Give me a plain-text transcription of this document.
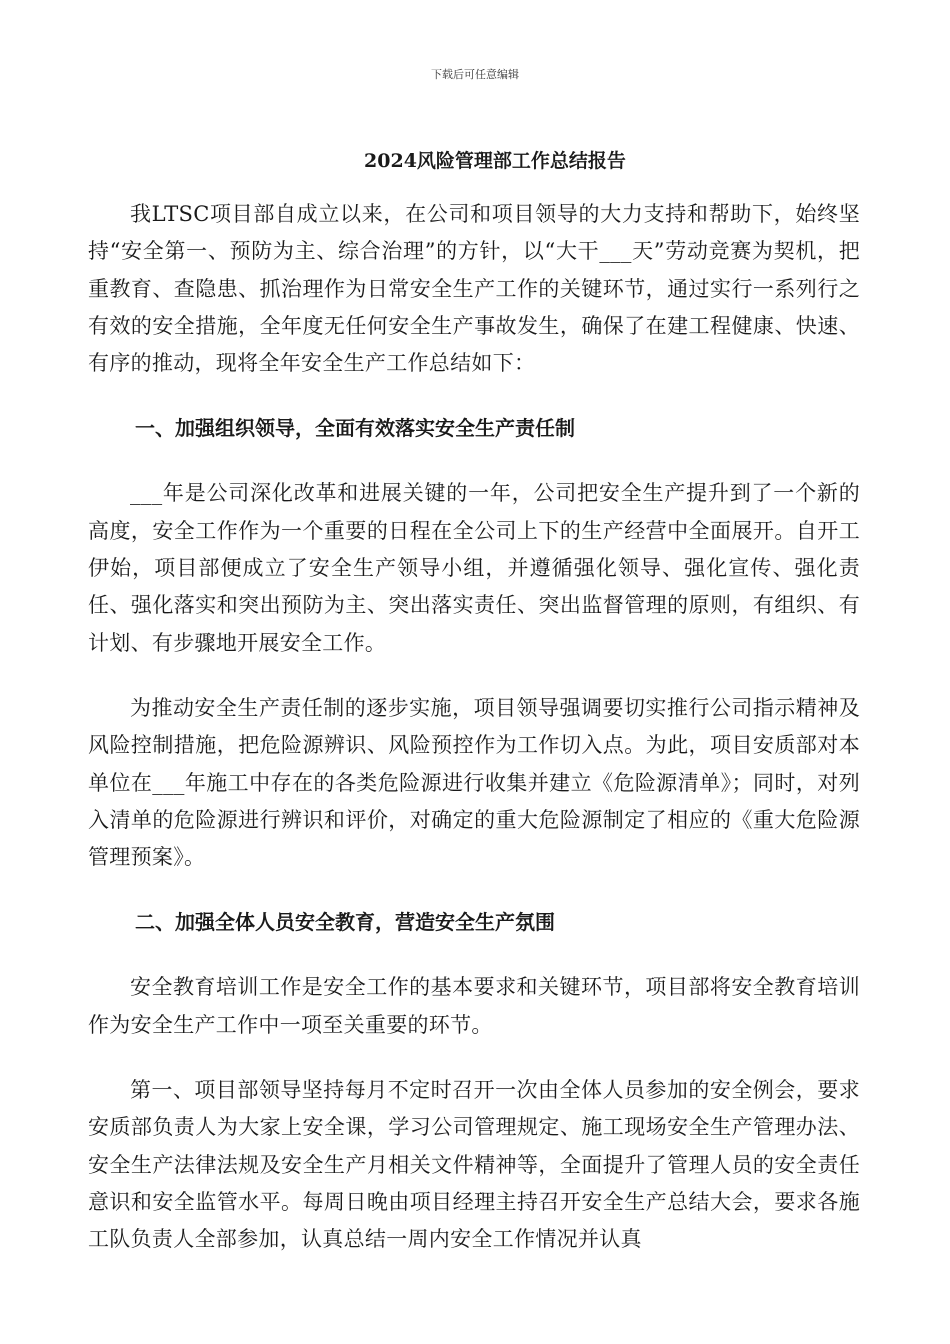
下载后可任意编辑
2024风险管理部工作总结报告

我LTSC项目部自成立以来，在公司和项目领导的大力支持和帮助下，始终坚持“安全第一、预防为主、综合治理”的方针，以“大干___天”劳动竞赛为契机，把重教育、查隐患、抓治理作为日常安全生产工作的关键环节，通过实行一系列行之有效的安全措施，全年度无任何安全生产事故发生，确保了在建工程健康、快速、有序的推动，现将全年安全生产工作总结如下：

一、加强组织领导，全面有效落实安全生产责任制

___年是公司深化改革和进展关键的一年，公司把安全生产提升到了一个新的高度，安全工作作为一个重要的日程在全公司上下的生产经营中全面展开。自开工伊始，项目部便成立了安全生产领导小组，并遵循强化领导、强化宣传、强化责任、强化落实和突出预防为主、突出落实责任、突出监督管理的原则，有组织、有计划、有步骤地开展安全工作。

为推动安全生产责任制的逐步实施，项目领导强调要切实推行公司指示精神及风险控制措施，把危险源辨识、风险预控作为工作切入点。为此，项目安质部对本单位在___年施工中存在的各类危险源进行收集并建立《危险源清单》；同时，对列入清单的危险源进行辨识和评价，对确定的重大危险源制定了相应的《重大危险源管理预案》。

二、加强全体人员安全教育，营造安全生产氛围

安全教育培训工作是安全工作的基本要求和关键环节，项目部将安全教育培训作为安全生产工作中一项至关重要的环节。

第一、项目部领导坚持每月不定时召开一次由全体人员参加的安全例会，要求安质部负责人为大家上安全课，学习公司管理规定、施工现场安全生产管理办法、安全生产法律法规及安全生产月相关文件精神等，全面提升了管理人员的安全责任意识和安全监管水平。每周日晚由项目经理主持召开安全生产总结大会，要求各施工队负责人全部参加，认真总结一周内安全工作情况并认真
